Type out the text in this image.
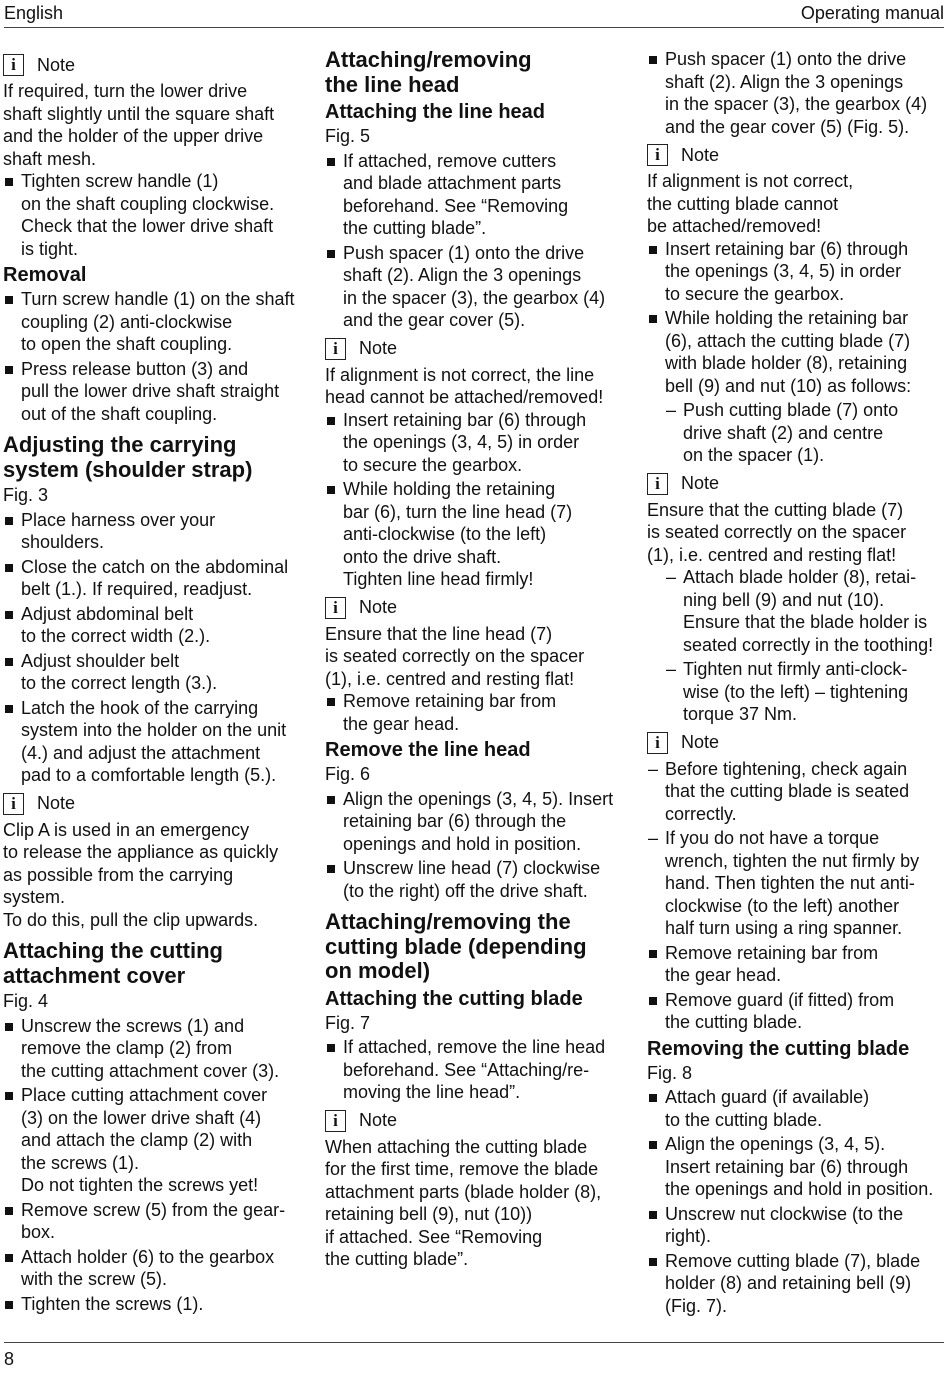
English	Operating manual
i	Note

If required, turn the lower drive
shaft slightly until the square shaft
and the holder of the upper drive
shaft mesh.

Tighten screw handle (1)
on the shaft coupling clockwise.
Check that the lower drive shaft
is tight.
Removal
Turn screw handle (1) on the shaft
coupling (2) anti-clockwise
to open the shaft coupling.
Press release button (3) and
pull the lower drive shaft straight
out of the shaft coupling.
Adjusting the carrying
system (shoulder strap)

Fig. 3

Place harness over your
shoulders.
Close the catch on the abdominal
belt (1.). If required, readjust.
Adjust abdominal belt
to the correct width (2.).
Adjust shoulder belt
to the correct length (3.).
Latch the hook of the carrying
system into the holder on the unit
(4.) and adjust the attachment
pad to a comfortable length (5.).
i	Note

Clip A is used in an emergency
to release the appliance as quickly
as possible from the carrying
system.
To do this, pull the clip upwards.

Attaching the cutting
attachment cover

Fig. 4

Unscrew the screws (1) and
remove the clamp (2) from
the cutting attachment cover (3).
Place cutting attachment cover
(3) on the lower drive shaft (4)
and attach the clamp (2) with
the screws (1).
Do not tighten the screws yet!
Remove screw (5) from the gear-
box.
Attach holder (6) to the gearbox
with the screw (5).
Tighten the screws (1).
Attaching/removing
the line head
Attaching the line head

Fig. 5

If attached, remove cutters
and blade attachment parts
beforehand. See “Removing
the cutting blade”.
Push spacer (1) onto the drive
shaft (2). Align the 3 openings
in the spacer (3), the gearbox (4)
and the gear cover (5).
i	Note

If alignment is not correct, the line
head cannot be attached/removed!

Insert retaining bar (6) through
the openings (3, 4, 5) in order
to secure the gearbox.
While holding the retaining
bar (6), turn the line head (7)
anti-clockwise (to the left)
onto the drive shaft.
Tighten line head firmly!
i	Note

Ensure that the line head (7)
is seated correctly on the spacer
(1), i.e. centred and resting flat!

Remove retaining bar from
the gear head.
Remove the line head

Fig. 6

Align the openings (3, 4, 5). Insert
retaining bar (6) through the
openings and hold in position.
Unscrew line head (7) clockwise
(to the right) off the drive shaft.
Attaching/removing the
cutting blade (depending
on model)
Attaching the cutting blade

Fig. 7

If attached, remove the line head
beforehand. See “Attaching/re-
moving the line head”.
i	Note

When attaching the cutting blade
for the first time, remove the blade
attachment parts (blade holder (8),
retaining bell (9), nut (10))
if attached. See “Removing
the cutting blade”.

Push spacer (1) onto the drive
shaft (2). Align the 3 openings
in the spacer (3), the gearbox (4)
and the gear cover (5) (Fig. 5).
i	Note

If alignment is not correct,
the cutting blade cannot
be attached/removed!

Insert retaining bar (6) through
the openings (3, 4, 5) in order
to secure the gearbox.
While holding the retaining bar
(6), attach the cutting blade (7)
with blade holder (8), retaining
bell (9) and nut (10) as follows:
– Push cutting blade (7) onto
drive shaft (2) and centre
on the spacer (1).
i	Note

Ensure that the cutting blade (7)
is seated correctly on the spacer
(1), i.e. centred and resting flat!

– Attach blade holder (8), retai-
ning bell (9) and nut (10).
Ensure that the blade holder is
seated correctly in the toothing!
– Tighten nut firmly anti-clock-
wise (to the left) – tightening
torque 37 Nm.
i	Note
– Before tightening, check again
that the cutting blade is seated
correctly.
– If you do not have a torque
wrench, tighten the nut firmly by
hand. Then tighten the nut anti-
clockwise (to the left) another
half turn using a ring spanner.
Remove retaining bar from
the gear head.
Remove guard (if fitted) from
the cutting blade.
Removing the cutting blade

Fig. 8

Attach guard (if available)
to the cutting blade.
Align the openings (3, 4, 5).
Insert retaining bar (6) through
the openings and hold in position.
Unscrew nut clockwise (to the
right).
Remove cutting blade (7), blade
holder (8) and retaining bell (9)
(Fig. 7).
8
